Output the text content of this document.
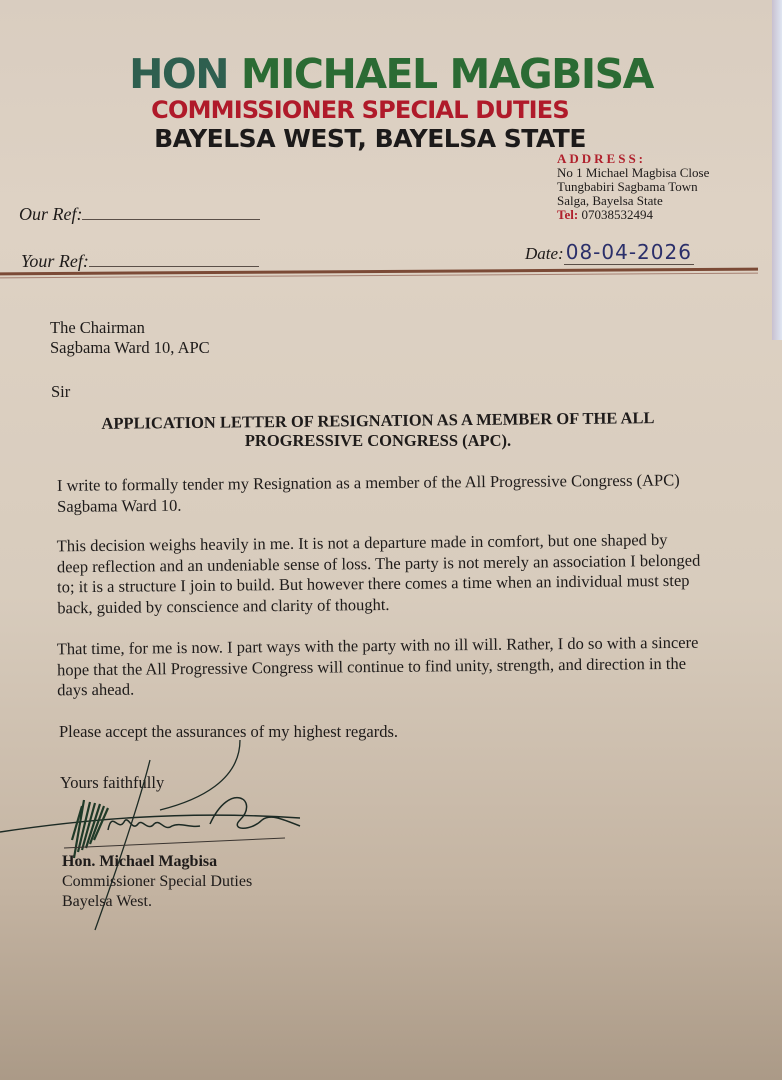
HON MICHAEL MAGBISA
COMMISSIONER SPECIAL DUTIES
BAYELSA WEST, BAYELSA STATE
ADDRESS:
No 1 Michael Magbisa Close
Tungbabiri Sagbama Town
Salga, Bayelsa State
Tel: 07038532494
Our Ref:
Your Ref:	Date: 08-04-2026
The Chairman
Sagbama Ward 10, APC
Sir
APPLICATION LETTER OF RESIGNATION AS A MEMBER OF THE ALL
PROGRESSIVE CONGRESS (APC).
I write to formally tender my Resignation as a member of the All Progressive Congress (APC) Sagbama Ward 10.
This decision weighs heavily in me. It is not a departure made in comfort, but one shaped by deep reflection and an undeniable sense of loss. The party is not merely an association I belonged to; it is a structure I join to build. But however there comes a time when an individual must step back, guided by conscience and clarity of thought.
That time, for me is now. I part ways with the party with no ill will. Rather, I do so with a sincere hope that the All Progressive Congress will continue to find unity, strength, and direction in the days ahead.
Please accept the assurances of my highest regards.
Yours faithfully
Hon. Michael Magbisa
Commissioner Special Duties
Bayelsa West.
